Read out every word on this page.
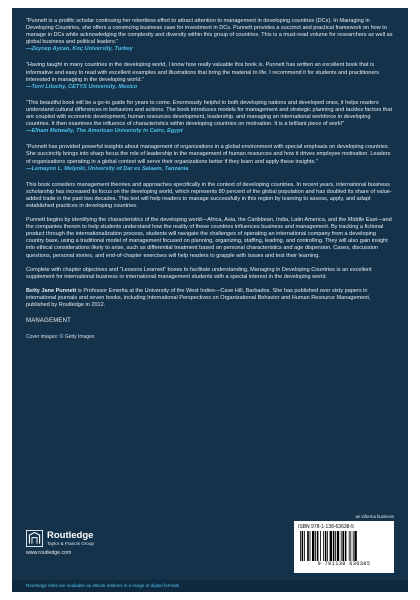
“Punnett is a prolific scholar continuing her relentless effort to attract attention to management in developing countries (DCs). In Managing in Developing Countries, she offers a convincing business case for investment in DCs. Punnett provides a succinct and practical framework on how to manage in DCs while acknowledging the complexity and diversity within this group of countries. This is a must-read volume for researchers as well as global business and political leaders.”

—Zeynep Aycan, Koç University, Turkey

“Having taught in many countries in the developing world, I know how really valuable this book is. Punnett has written an excellent book that is informative and easy to read with excellent examples and illustrations that bring the material to life. I recommend it for students and practitioners interested in managing in the developing world.”

—Terri Lituchy, CETYS University, Mexico

“This beautiful book will be a go-to guide for years to come. Enormously helpful to both developing nations and developed ones, it helps readers understand cultural differences in behaviors and actions. The book introduces models for management and strategic planning and tackles factors that are coupled with economic development, human resources development, leadership, and managing an international workforce in developing countries. It then examines the influence of characteristics within developing countries on motivation. It is a brilliant piece of work!”

—Elham Metwally, The American University in Cairo, Egypt

“Punnett has provided powerful insights about management of organizations in a global environment with special emphasis on developing countries. She succinctly brings into sharp focus the role of leadership in the management of human resources and how it drives employee motivation. Leaders of organizations operating in a global context will serve their organizations better if they learn and apply these insights.”

—Lemayon L. Melyoki, University of Dar es Salaam, Tanzania

This book considers management theories and approaches specifically in the context of developing countries. In recent years, international business scholarship has increased its focus on the developing world, which represents 80 percent of the global population and has doubled its share of value-added trade in the past two decades. This text will help readers to manage successfully in this region by learning to assess, apply, and adapt established practices in developing countries.

Punnett begins by identifying the characteristics of the developing world—Africa, Asia, the Caribbean, India, Latin America, and the Middle East—and the companies therein to help students understand how the reality of these countries influences business and management. By tracking a fictional product through the internationalization process, students will navigate the challenges of operating an international company from a developing country base, using a traditional model of management focused on planning, organizing, staffing, leading, and controlling. They will also gain insight into ethical considerations likely to arise, such as differential treatment based on personal characteristics and age dispersion. Cases, discussion questions, personal stories, and end-of-chapter exercises will help readers to grapple with issues and test their learning.

Complete with chapter objectives and “Lessons Learned” boxes to facilitate understanding, Managing in Developing Countries is an excellent supplement for international business or international management students with a special interest in the developing world.

Betty Jane Punnett is Professor Emerita at the University of the West Indies—Cave Hill, Barbados. She has published over sixty papers in international journals and seven books, including International Perspectives on Organizational Behavior and Human Resource Management, published by Routledge in 2012.

MANAGEMENT

Cover images: © Getty Images

Routledge
Taylor & Francis Group
www.routledge.com
an informa business
ISBN 978-1-138-63638-5
9 781138 636385
Routledge titles are available as eBook editions in a range of digital formats
